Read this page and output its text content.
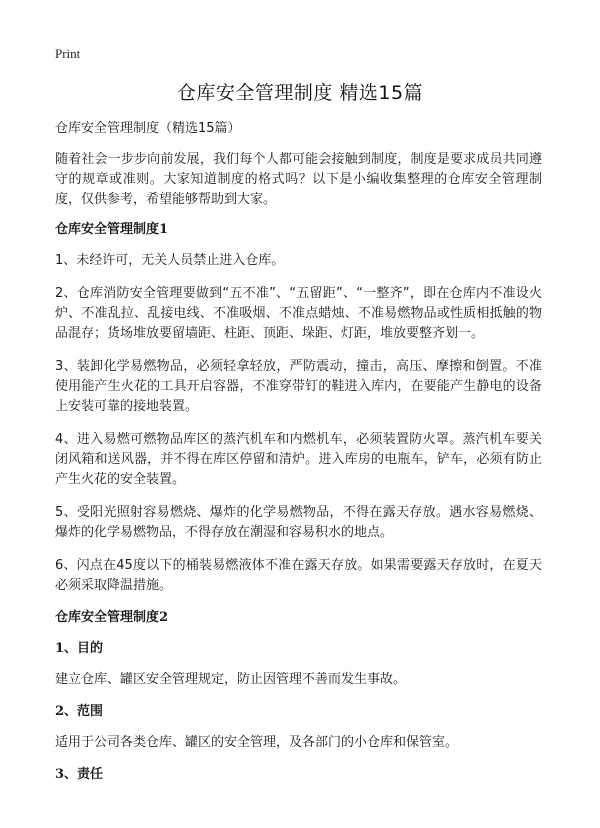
Print
仓库安全管理制度 精选15篇

仓库安全管理制度（精选15篇）

随着社会一步步向前发展，我们每个人都可能会接触到制度，制度是要求成员共同遵守的规章或准则。大家知道制度的格式吗？以下是小编收集整理的仓库安全管理制度，仅供参考，希望能够帮助到大家。

仓库安全管理制度1

1、未经许可，无关人员禁止进入仓库。

2、仓库消防安全管理要做到“五不准”、“五留距”、“一整齐”，即在仓库内不准设火炉、不准乱拉、乱接电线、不准吸烟、不准点蜡烛、不准易燃物品或性质相抵触的物品混存；货场堆放要留墙距、柱距、顶距、垛距、灯距，堆放要整齐划一。

3、装卸化学易燃物品，必须轻拿轻放，严防震动，撞击，高压、摩擦和倒置。不准使用能产生火花的工具开启容器，不准穿带钉的鞋进入库内，在要能产生静电的设备上安装可靠的接地装置。

4、进入易燃可燃物品库区的蒸汽机车和内燃机车，必须装置防火罩。蒸汽机车要关闭风箱和送风器，并不得在库区停留和清炉。进入库房的电瓶车，铲车，必须有防止产生火花的安全装置。

5、受阳光照射容易燃烧、爆炸的化学易燃物品，不得在露天存放。遇水容易燃烧、爆炸的化学易燃物品，不得存放在潮湿和容易积水的地点。

6、闪点在45度以下的桶装易燃液体不准在露天存放。如果需要露天存放时，在夏天必须采取降温措施。

仓库安全管理制度2
1、目的

建立仓库、罐区安全管理规定，防止因管理不善而发生事故。

2、范围

适用于公司各类仓库、罐区的安全管理，及各部门的小仓库和保管室。

3、责任
